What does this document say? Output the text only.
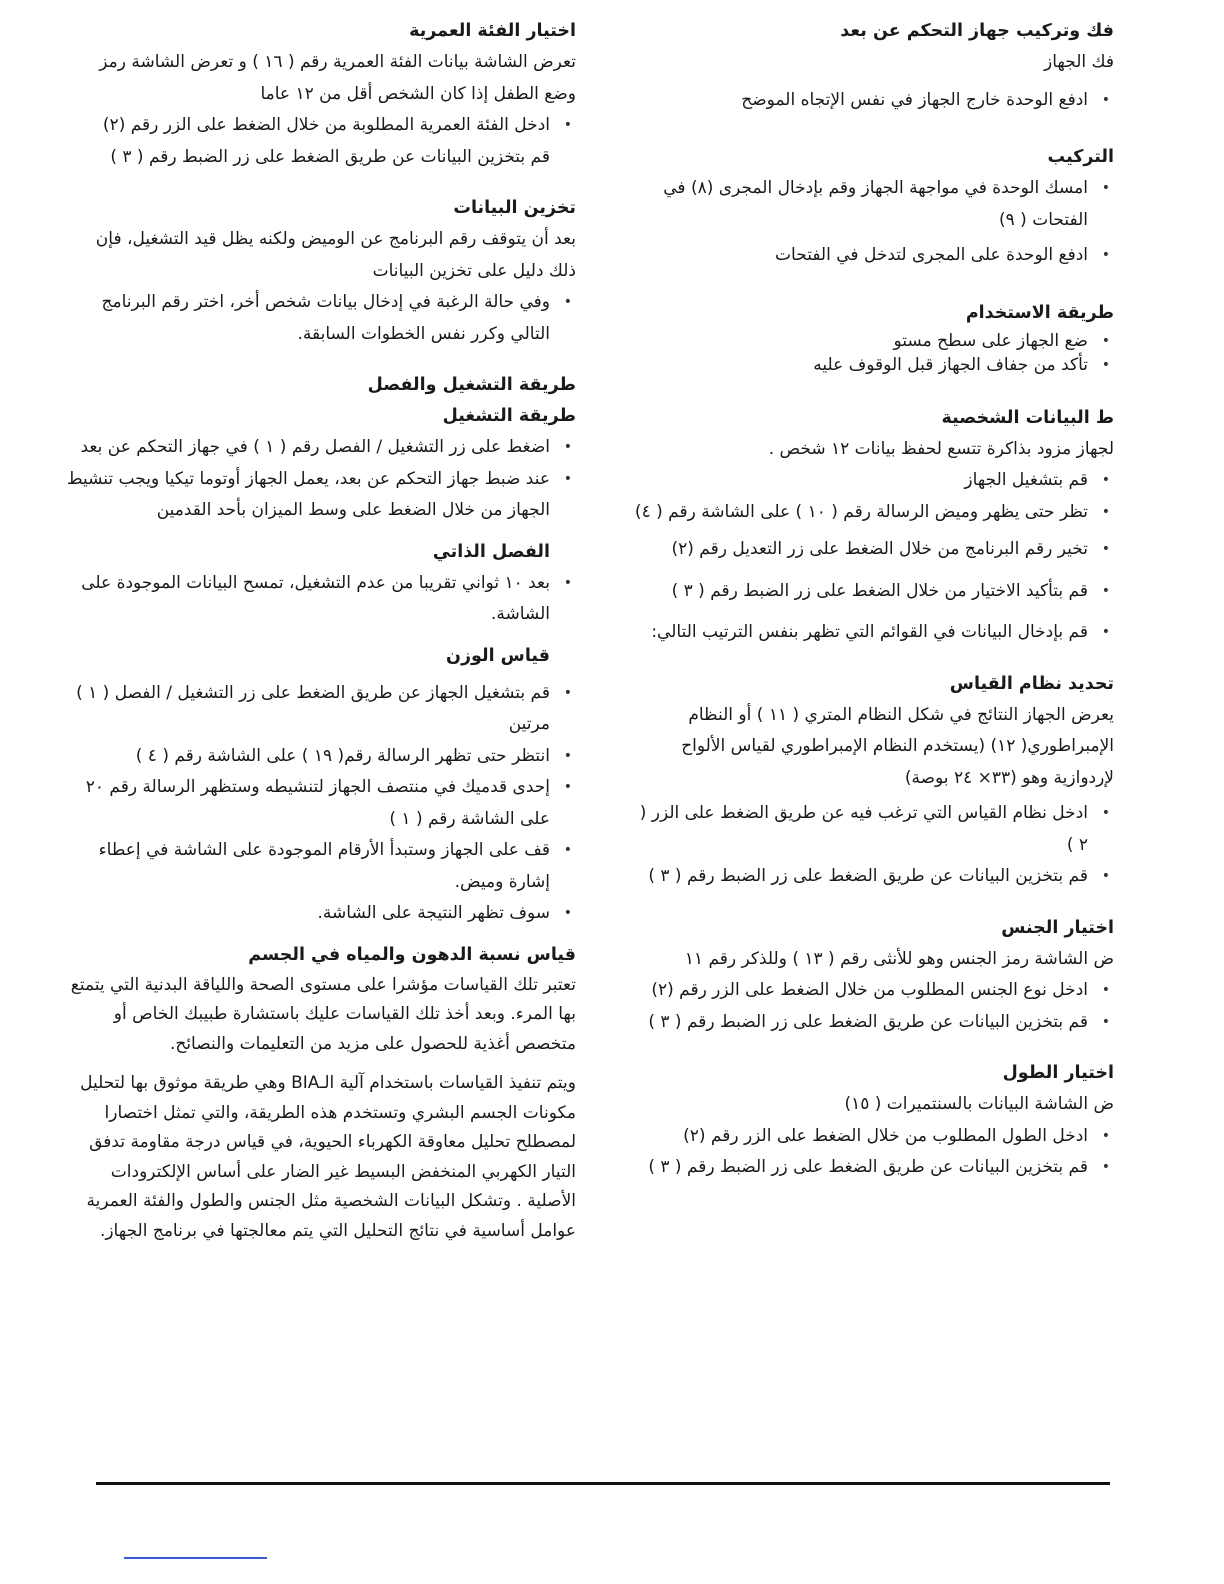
فك وتركيب جهاز التحكم عن بعد

فك الجهاز

• ادفع الوحدة خارج الجهاز في نفس الإتجاه الموضح
التركيب
• امسك الوحدة في مواجهة الجهاز وقم بإدخال المجرى (٨) في الفتحات ( ٩)
• ادفع الوحدة على المجرى لتدخل في الفتحات
طريقة الاستخدام
• ضع الجهاز على سطح مستو
• تأكد من جفاف الجهاز قبل الوقوف عليه
ط البيانات الشخصية

لجهاز مزود بذاكرة تتسع لحفظ بيانات ١٢ شخص .

• قم بتشغيل الجهاز
• تظر حتى يظهر وميض الرسالة رقم ( ١٠ ) على الشاشة رقم ( ٤)
• تخير رقم البرنامج من خلال الضغط على زر التعديل رقم (٢)
• قم بتأكيد الاختيار من خلال الضغط على زر الضبط رقم ( ٣ )
• قم بإدخال البيانات في القوائم التي تظهر بنفس الترتيب التالي:
تحديد نظام القياس

يعرض الجهاز النتائج في شكل النظام المتري ( ١١ ) أو النظام الإمبراطوري( ١٢) (يستخدم النظام الإمبراطوري لقياس الألواح لإردوازية وهو (٣٣× ٢٤ بوصة)

• ادخل نظام القياس التي ترغب فيه عن طريق الضغط على الزر ( ٢ )
• قم بتخزين البيانات عن طريق الضغط على زر الضبط رقم ( ٣ )
اختيار الجنس

ض الشاشة رمز الجنس وهو للأنثى رقم ( ١٣ ) وللذكر رقم ١١

• ادخل نوع الجنس المطلوب من خلال الضغط على الزر رقم (٢)
• قم بتخزين البيانات عن طريق الضغط على زر الضبط رقم ( ٣ )
اختيار الطول

ض الشاشة البيانات بالسنتميرات ( ١٥)

• ادخل الطول المطلوب من خلال الضغط على الزر رقم (٢)
• قم بتخزين البيانات عن طريق الضغط على زر الضبط رقم ( ٣ )
اختيار الفئة العمرية

تعرض الشاشة بيانات الفئة العمرية رقم ( ١٦ ) و تعرض الشاشة رمز وضع الطفل إذا كان الشخص أقل من ١٢ عاما

• ادخل الفئة العمرية المطلوبة من خلال الضغط على الزر رقم (٢)

قم بتخزين البيانات عن طريق الضغط على زر الضبط رقم ( ٣ )

تخزين البيانات

بعد أن يتوقف رقم البرنامج عن الوميض ولكنه يظل قيد التشغيل، فإن ذلك دليل على تخزين البيانات

• وفي حالة الرغبة في إدخال بيانات شخص أخر، اختر رقم البرنامج التالي وكرر نفس الخطوات السابقة.
طريقة التشغيل والفصل
طريقة التشغيل
• اضغط على زر التشغيل / الفصل رقم ( ١ ) في جهاز التحكم عن بعد
• عند ضبط جهاز التحكم عن بعد، يعمل الجهاز أوتوما تيكيا ويجب تنشيط الجهاز من خلال الضغط على وسط الميزان بأحد القدمين
الفصل الذاتي
• بعد ١٠ ثواني تقريبا من عدم التشغيل، تمسح البيانات الموجودة على الشاشة.
قياس الوزن
• قم بتشغيل الجهاز عن طريق الضغط على زر التشغيل / الفصل ( ١ ) مرتين
• انتظر حتى تظهر الرسالة رقم( ١٩ ) على الشاشة رقم ( ٤ )
• إحدى قدميك في منتصف الجهاز لتنشيطه وستظهر الرسالة رقم ٢٠ على الشاشة رقم ( ١ )
• قف على الجهاز وستبدأ الأرقام الموجودة على الشاشة في إعطاء إشارة وميض.
• سوف تظهر النتيجة على الشاشة.
قياس نسبة الدهون والمياه في الجسم

تعتبر تلك القياسات مؤشرا على مستوى الصحة واللياقة البدنية التي يتمتع بها المرء. وبعد أخذ تلك القياسات عليك باستشارة طبيبك الخاص أو متخصص أغذية للحصول على مزيد من التعليمات والنصائح.

ويتم تنفيذ القياسات باستخدام آلية الـBIA وهي طريقة موثوق بها لتحليل مكونات الجسم البشري وتستخدم هذه الطريقة، والتي تمثل اختصارا لمصطلح تحليل معاوقة الكهرباء الحيوية، في قياس درجة مقاومة تدفق التيار الكهربي المنخفض البسيط غير الضار على أساس الإلكترودات الأصلية . وتشكل البيانات الشخصية مثل الجنس والطول والفئة العمرية عوامل أساسية في نتائج التحليل التي يتم معالجتها في برنامج الجهاز.
